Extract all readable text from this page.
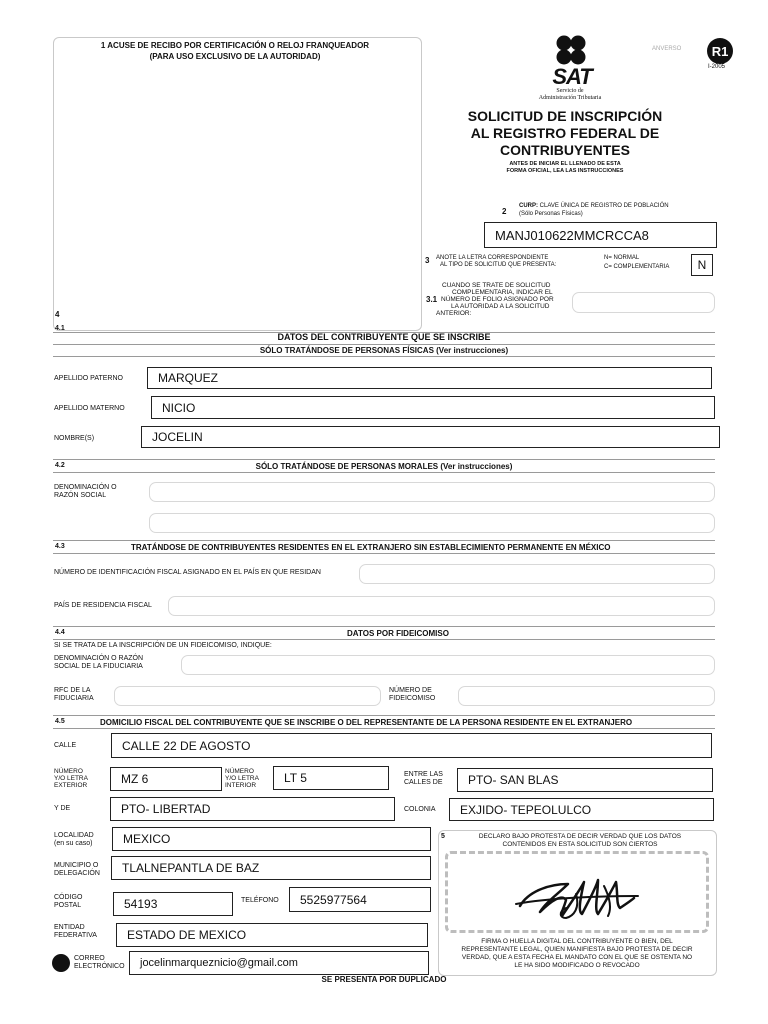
1 ACUSE DE RECIBO POR CERTIFICACIÓN O RELOJ FRANQUEADOR
(PARA USO EXCLUSIVO DE LA AUTORIDAD)
SAT
Servicio de
Administración Tributaria
ANVERSO	R1
I-2005
SOLICITUD DE INSCRIPCIÓN
AL REGISTRO FEDERAL DE
CONTRIBUYENTES
ANTES DE INICIAR EL LLENADO DE ESTA
FORMA OFICIAL, LEA LAS INSTRUCCIONES
2
CURP: CLAVE ÚNICA DE REGISTRO DE POBLACIÓN
(Sólo Personas Físicas)
MANJ010622MMCRCCA8
3 ANOTE LA LETRA CORRESPONDIENTE
AL TIPO DE SOLICITUD QUE PRESENTA:
N= NORMAL
C= COMPLEMENTARIA	N
3.1
CUANDO SE TRATE DE SOLICITUD
COMPLEMENTARIA, INDICAR EL
NÚMERO DE FOLIO ASIGNADO POR
LA AUTORIDAD A LA SOLICITUD
ANTERIOR:
4
4.1
DATOS DEL CONTRIBUYENTE QUE SE INSCRIBE
SÓLO TRATÁNDOSE DE PERSONAS FÍSICAS (Ver instrucciones)
APELLIDO PATERNO	MARQUEZ
APELLIDO MATERNO	NICIO
NOMBRE(S)	JOCELIN
4.2	SÓLO TRATÁNDOSE DE PERSONAS MORALES (Ver instrucciones)
DENOMINACIÓN O
RAZÓN SOCIAL
4.3	TRATÁNDOSE DE CONTRIBUYENTES RESIDENTES EN EL EXTRANJERO SIN ESTABLECIMIENTO PERMANENTE EN MÉXICO
NÚMERO DE IDENTIFICACIÓN FISCAL ASIGNADO EN EL PAÍS EN QUE RESIDAN
PAÍS DE RESIDENCIA FISCAL
4.4	DATOS POR FIDEICOMISO
SI SE TRATA DE LA INSCRIPCIÓN DE UN FIDEICOMISO, INDIQUE:
DENOMINACIÓN O RAZÓN
SOCIAL DE LA FIDUCIARIA
RFC DE LA
FIDUCIARIA
NÚMERO DE
FIDEICOMISO
4.5	DOMICILIO FISCAL DEL CONTRIBUYENTE QUE SE INSCRIBE O DEL REPRESENTANTE DE LA PERSONA RESIDENTE EN EL EXTRANJERO
CALLE	CALLE 22 DE AGOSTO
NÚMERO
Y/O LETRA
EXTERIOR	MZ 6
NÚMERO
Y/O LETRA
INTERIOR
LT 5	ENTRE LAS
CALLES DE	PTO- SAN BLAS
Y DE	PTO- LIBERTAD	COLONIA	EXJIDO- TEPEOLULCO
LOCALIDAD
(en su caso)	MEXICO
MUNICIPIO O
DELEGACIÓN	TLALNEPANTLA DE BAZ
CÓDIGO
POSTAL	54193	TELÉFONO	5525977564
ENTIDAD
FEDERATIVA	ESTADO DE MEXICO
CORREO
ELECTRÓNICO	jocelinmarqueznicio@gmail.com
5	DECLARO BAJO PROTESTA DE DECIR VERDAD QUE LOS DATOS
CONTENIDOS EN ESTA SOLICITUD SON CIERTOS
FIRMA O HUELLA DIGITAL DEL CONTRIBUYENTE O BIEN, DEL
REPRESENTANTE LEGAL, QUIEN MANIFIESTA BAJO PROTESTA DE DECIR
VERDAD, QUE A ESTA FECHA EL MANDATO CON EL QUE SE OSTENTA NO
LE HA SIDO MODIFICADO O REVOCADO
SE PRESENTA POR DUPLICADO
